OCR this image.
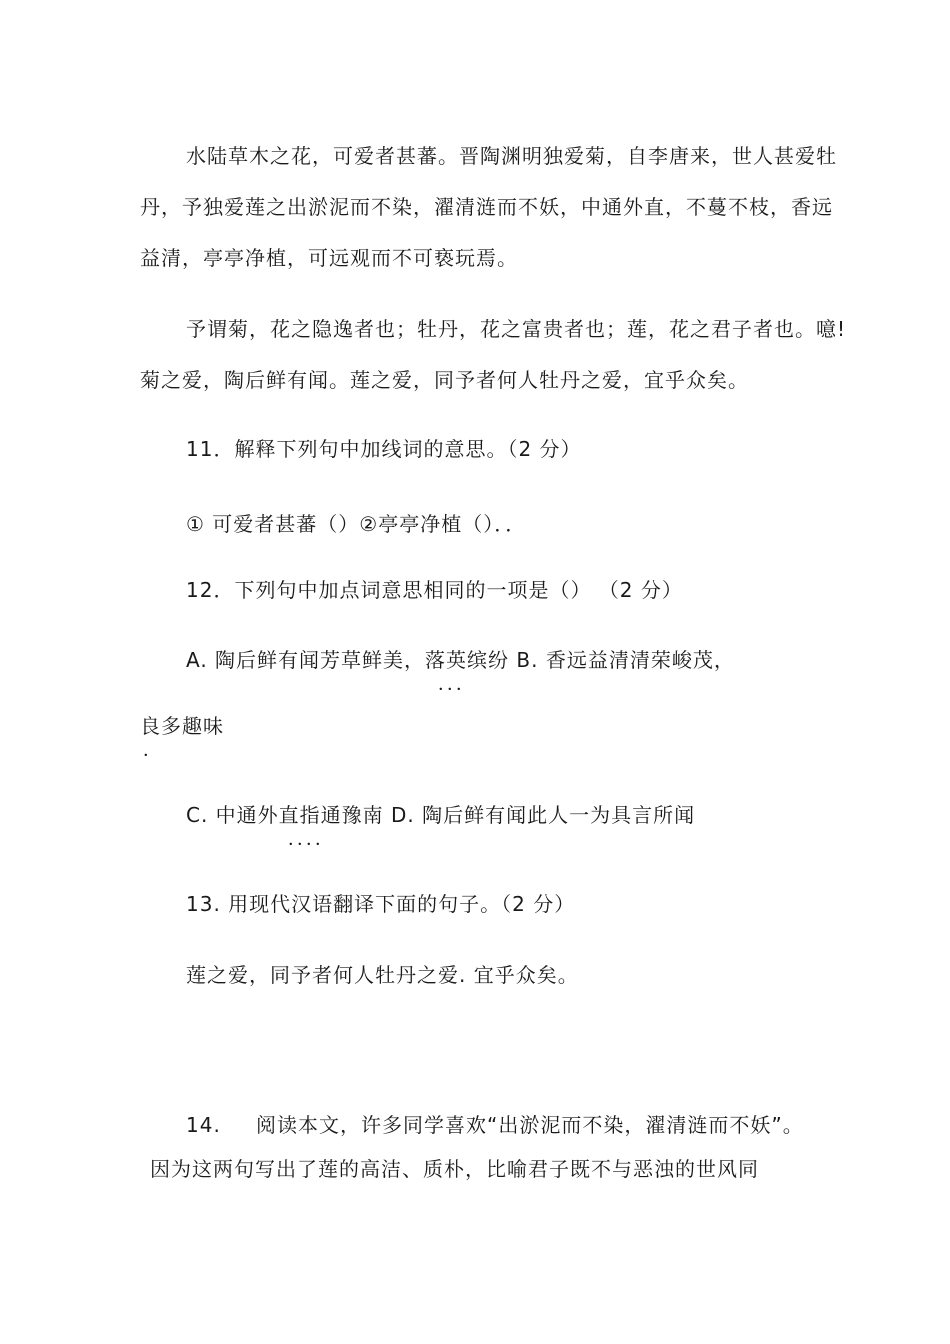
水陆草木之花，可爱者甚蕃。晋陶渊明独爱菊，自李唐来，世人甚爱牡

丹，予独爱莲之出淤泥而不染，濯清涟而不妖，中通外直，不蔓不枝，香远

益清，亭亭净植，可远观而不可亵玩焉。

予谓菊，花之隐逸者也；牡丹，花之富贵者也；莲，花之君子者也。噫!

菊之爱，陶后鲜有闻。莲之爱，同予者何人牡丹之爱，宜乎众矣。

11．解释下列句中加线词的意思。（2 分）

① 可爱者甚蕃（）②亭亭净植（）．．

12．下列句中加点词意思相同的一项是（） （2 分）

A. 陶后鲜有闻芳草鲜美，落英缤纷 B. 香远益清清荣峻茂，

．．．

良多趣味

．

C. 中通外直指通豫南 D. 陶后鲜有闻此人一为具言所闻

．．．．

13. 用现代汉语翻译下面的句子。（2 分）

莲之爱，同予者何人牡丹之爱. 宜乎众矣。

14. 阅读本文，许多同学喜欢“出淤泥而不染，濯清涟而不妖”。

因为这两句写出了莲的高洁、质朴，比喻君子既不与恶浊的世风同
